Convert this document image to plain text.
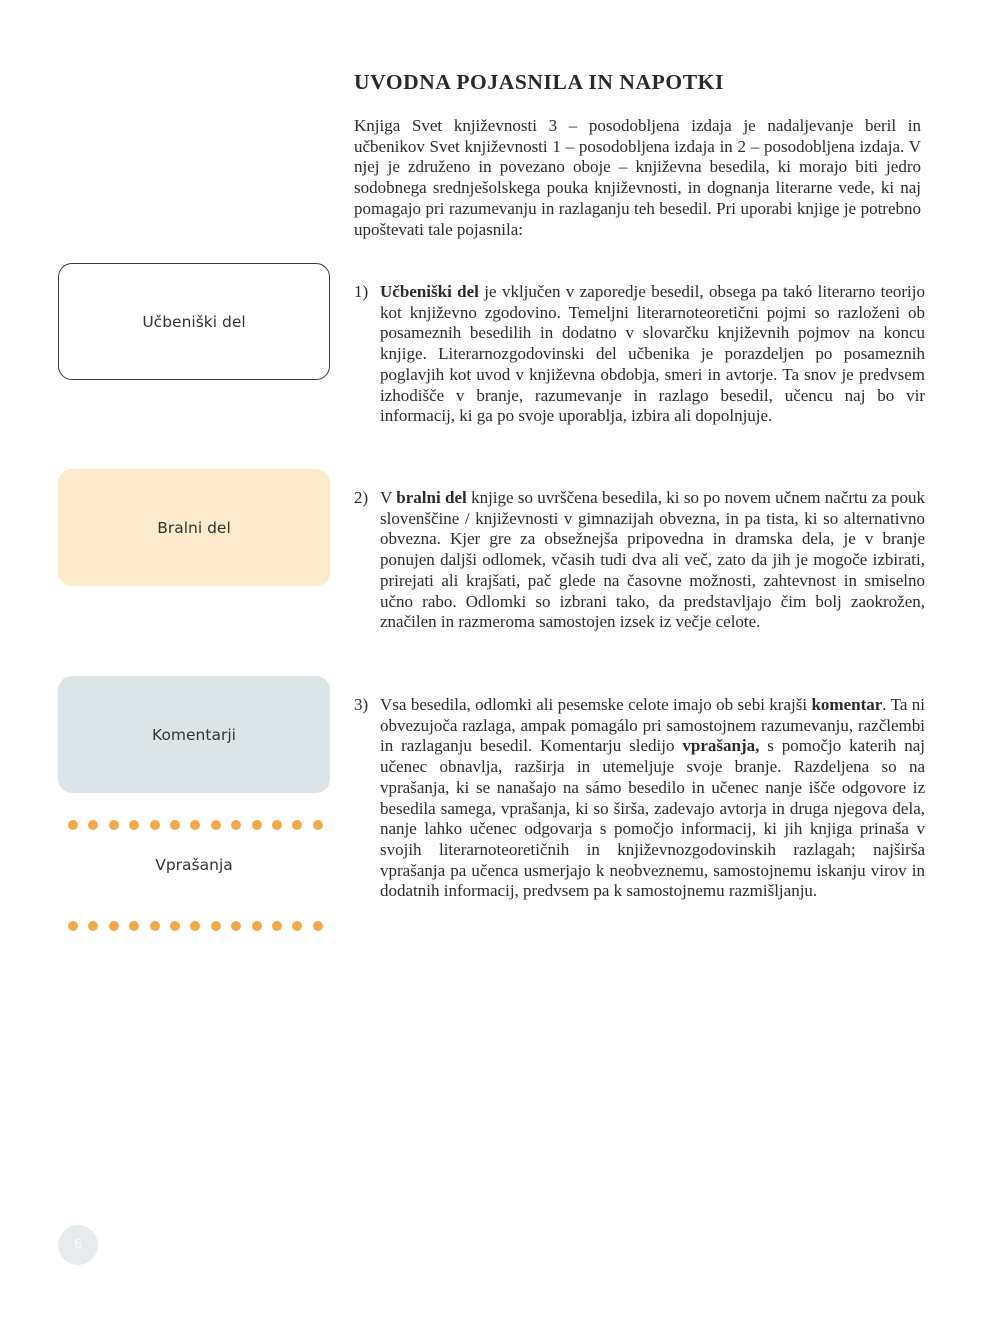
UVODNA POJASNILA IN NAPOTKI

Knjiga Svet književnosti 3 – posodobljena izdaja je nadaljevanje beril in učbenikov Svet književnosti 1 – posodobljena izdaja in 2 – posodobljena izdaja. V njej je združeno in povezano oboje – književna besedila, ki morajo biti jedro sodobnega srednješolskega pouka književnosti, in dognanja literarne vede, ki naj pomagajo pri razumevanju in razlaganju teh besedil. Pri uporabi knjige je potrebno upoštevati tale pojasnila:

Učbeniški del
Bralni del
Komentarji
Vprašanja
1) Učbeniški del je vključen v zaporedje besedil, obsega pa takó literarno teorijo kot književno zgodovino. Temeljni literarnoteoretični pojmi so razloženi ob posameznih besedilih in dodatno v slovarčku književnih pojmov na koncu knjige. Literarnozgodovinski del učbenika je porazdeljen po posameznih poglavjih kot uvod v književna obdobja, smeri in avtorje. Ta snov je predvsem izhodišče v branje, razumevanje in razlago besedil, učencu naj bo vir informacij, ki ga po svoje uporablja, izbira ali dopolnjuje.
2) V bralni del knjige so uvrščena besedila, ki so po novem učnem načrtu za pouk slovenščine / književnosti v gimnazijah obvezna, in pa tista, ki so alternativno obvezna. Kjer gre za obsežnejša pripovedna in dramska dela, je v branje ponujen daljši odlomek, včasih tudi dva ali več, zato da jih je mogoče izbirati, prirejati ali krajšati, pač glede na časovne možnosti, zahtevnost in smiselno učno rabo. Odlomki so izbrani tako, da predstavljajo čim bolj zaokrožen, značilen in razmeroma samostojen izsek iz večje celote.
3) Vsa besedila, odlomki ali pesemske celote imajo ob sebi krajši komentar. Ta ni obvezujoča razlaga, ampak pomagálo pri samostojnem razumevanju, razčlembi in razlaganju besedil. Komentarju sledijo vprašanja, s pomočjo katerih naj učenec obnavlja, razširja in utemeljuje svoje branje. Razdeljena so na vprašanja, ki se nanašajo na sámo besedilo in učenec nanje išče odgovore iz besedila samega, vprašanja, ki so širša, zadevajo avtorja in druga njegova dela, nanje lahko učenec odgovarja s pomočjo informacij, ki jih knjiga prinaša v svojih literarnoteoretičnih in književnozgodovinskih razlagah; najširša vprašanja pa učenca usmerjajo k neobveznemu, samostojnemu iskanju virov in dodatnih informacij, predvsem pa k samostojnemu razmišljanju.
6
